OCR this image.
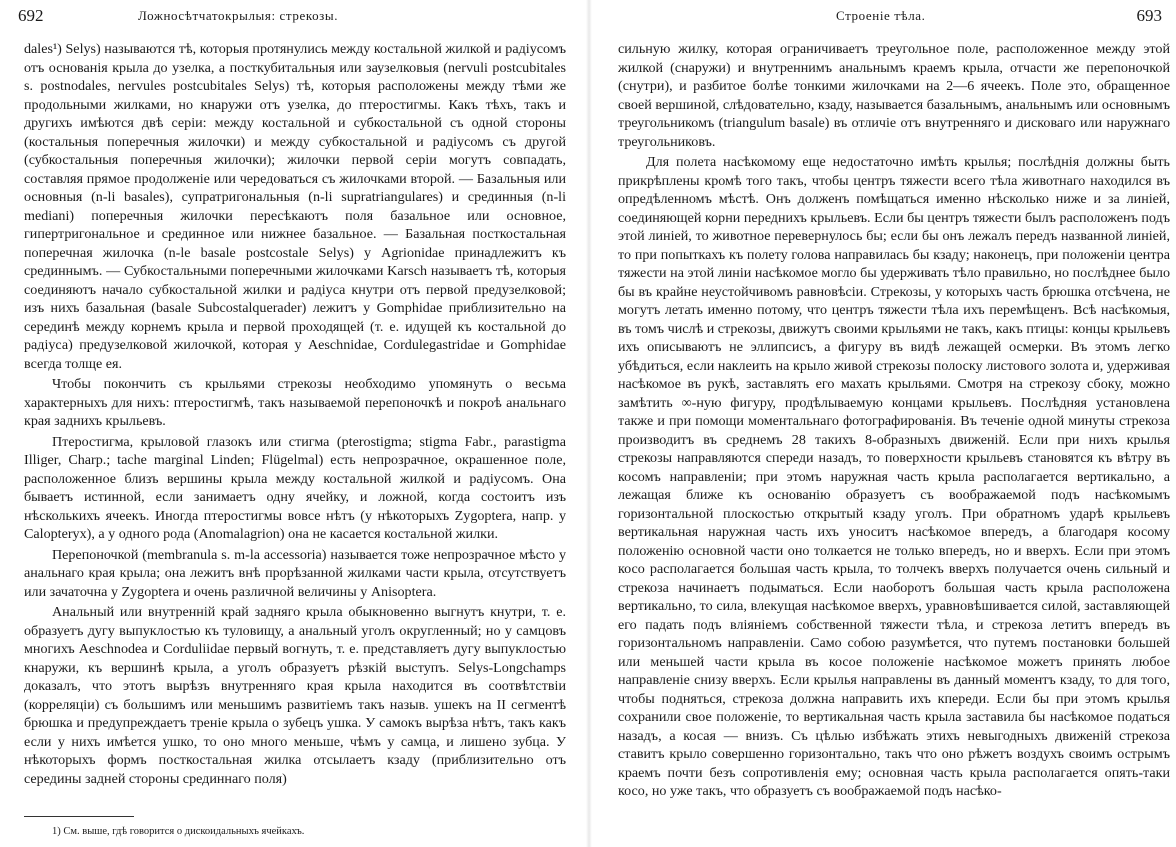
692	Ложносѣтчатокрылыя: стрекозы.

dales¹) Selys) называются тѣ, которыя протянулись между костальной жилкой и радіусомъ отъ основанія крыла до узелка, а посткубитальныя или заузелковыя (nervuli postcubitales s. postnodales, nervules postcubitales Selys) тѣ, которыя расположены между тѣми же продольными жилками, но кнаружи отъ узелка, до птеростигмы. Какъ тѣхъ, такъ и другихъ имѣются двѣ серіи: между костальной и субкостальной съ одной стороны (костальныя поперечныя жилочки) и между субкостальной и радіусомъ съ другой (субкостальныя поперечныя жилочки); жилочки первой серіи могутъ совпадать, составляя прямое продолженіе или чередоваться съ жилочками второй. — Базальныя или основныя (n-li basales), супратригональныя (n-li supratriangulares) и срединныя (n-li mediani) поперечныя жилочки пересѣкаютъ поля базальное или основное, гипертригональное и срединное или нижнее базальное. — Базальная посткостальная поперечная жилочка (n-le basale postcostale Selys) у Agrionidae принадлежитъ къ срединнымъ. — Субкостальными поперечными жилочками Karsch называетъ тѣ, которыя соединяютъ начало субкостальной жилки и радіуса кнутри отъ первой предузелковой; изъ нихъ базальная (basale Subcostalquerader) лежитъ у Gomphidae приблизительно на серединѣ между корнемъ крыла и первой проходящей (т. е. идущей къ костальной до радіуса) предузелковой жилочкой, которая у Aeschnidae, Cordulegastridae и Gomphidae всегда толще ея.

Чтобы покончить съ крыльями стрекозы необходимо упомянуть о весьма характерныхъ для нихъ: птеростигмѣ, такъ называемой перепоночкѣ и покроѣ анальнаго края заднихъ крыльевъ.

Птеростигма, крыловой глазокъ или стигма (pterostigma; stigma Fabr., parastigma Illiger, Charp.; tache marginal Linden; Flügelmal) есть непрозрачное, окрашенное поле, расположенное близъ вершины крыла между костальной жилкой и радіусомъ. Она бываетъ истинной, если занимаетъ одну ячейку, и ложной, когда состоитъ изъ нѣсколькихъ ячеекъ. Иногда птеростигмы вовсе нѣтъ (у нѣкоторыхъ Zygoptera, напр. у Calopteryx), а у одного рода (Anomalagrion) она не касается костальной жилки.

Перепоночкой (membranula s. m-la accessoria) называется тоже непрозрачное мѣсто у анальнаго края крыла; она лежитъ внѣ прорѣзанной жилками части крыла, отсутствуетъ или зачаточна у Zygoptera и очень различной величины у Anisoptera.

Анальный или внутренній край задняго крыла обыкновенно выгнутъ кнутри, т. е. образуетъ дугу выпуклостью къ туловищу, а анальный уголъ округленный; но у самцовъ многихъ Aeschnodea и Corduliidae первый вогнуть, т. е. представляетъ дугу выпуклостью кнаружи, къ вершинѣ крыла, а уголъ образуетъ рѣзкій выступъ. Selys-Longchamps доказалъ, что этотъ вырѣзъ внутренняго края крыла находится въ соотвѣтствіи (корреляціи) съ большимъ или меньшимъ развитіемъ такъ назыв. ушекъ на II сегментѣ брюшка и предупреждаетъ треніе крыла о зубецъ ушка. У самокъ вырѣза нѣтъ, такъ какъ если у нихъ имѣется ушко, то оно много меньше, чѣмъ у самца, и лишено зубца. У нѣкоторыхъ формъ посткостальная жилка отсылаетъ кзаду (приблизительно отъ середины задней стороны срединнаго поля)

1) См. выше, гдѣ говорится о дискоидальныхъ ячейкахъ.
Строеніе тѣла.	693

сильную жилку, которая ограничиваетъ треугольное поле, расположенное между этой жилкой (снаружи) и внутреннимъ анальнымъ краемъ крыла, отчасти же перепоночкой (снутри), и разбитое болѣе тонкими жилочками на 2—6 ячеекъ. Поле это, обращенное своей вершиной, слѣдовательно, кзаду, называется базальнымъ, анальнымъ или основнымъ треугольникомъ (triangulum basale) въ отличіе отъ внутренняго и дисковаго или наружнаго треугольниковъ.

Для полета насѣкомому еще недостаточно имѣть крылья; послѣднія должны быть прикрѣплены кромѣ того такъ, чтобы центръ тяжести всего тѣла животнаго находился въ опредѣленномъ мѣстѣ. Онъ долженъ помѣщаться именно нѣсколько ниже и за линіей, соединяющей корни переднихъ крыльевъ. Если бы центръ тяжести былъ расположенъ подъ этой линіей, то животное перевернулось бы; если бы онъ лежалъ передъ названной линіей, то при попыткахъ къ полету голова направилась бы кзаду; наконецъ, при положеніи центра тяжести на этой линіи насѣкомое могло бы удерживать тѣло правильно, но послѣднее было бы въ крайне неустойчивомъ равновѣсіи. Стрекозы, у которыхъ часть брюшка отсѣчена, не могутъ летать именно потому, что центръ тяжести тѣла ихъ перемѣщенъ. Всѣ насѣкомыя, въ томъ числѣ и стрекозы, движутъ своими крыльями не такъ, какъ птицы: концы крыльевъ ихъ описываютъ не эллипсисъ, а фигуру въ видѣ лежащей осмерки. Въ этомъ легко убѣдиться, если наклеить на крыло живой стрекозы полоску листового золота и, удерживая насѣкомое въ рукѣ, заставлять его махать крыльями. Смотря на стрекозу сбоку, можно замѣтить ∞-ную фигуру, продѣлываемую концами крыльевъ. Послѣдняя установлена также и при помощи моментальнаго фотографированія. Въ теченіе одной минуты стрекоза производитъ въ среднемъ 28 такихъ 8-образныхъ движеній. Если при нихъ крылья стрекозы направляются спереди назадъ, то поверхности крыльевъ становятся къ вѣтру въ косомъ направленіи; при этомъ наружная часть крыла располагается вертикально, а лежащая ближе къ основанію образуетъ съ воображаемой подъ насѣкомымъ горизонтальной плоскостью открытый кзаду уголъ. При обратномъ ударѣ крыльевъ вертикальная наружная часть ихъ уноситъ насѣкомое впередъ, а благодаря косому положенію основной части оно толкается не только впередъ, но и вверхъ. Если при этомъ косо располагается большая часть крыла, то толчекъ вверхъ получается очень сильный и стрекоза начинаетъ подыматься. Если наоборотъ большая часть крыла расположена вертикально, то сила, влекущая насѣкомое вверхъ, уравновѣшивается силой, заставляющей его падать подъ вліяніемъ собственной тяжести тѣла, и стрекоза летитъ впередъ въ горизонтальномъ направленіи. Само собою разумѣется, что путемъ постановки большей или меньшей части крыла въ косое положеніе насѣкомое можетъ принять любое направленіе снизу вверхъ. Если крылья направлены въ данный моментъ кзаду, то для того, чтобы подняться, стрекоза должна направить ихъ кпереди. Если бы при этомъ крылья сохранили свое положеніе, то вертикальная часть крыла заставила бы насѣкомое податься назадъ, а косая — внизъ. Съ цѣлью избѣжать этихъ невыгодныхъ движеній стрекоза ставитъ крыло совершенно горизонтально, такъ что оно рѣжетъ воздухъ своимъ острымъ краемъ почти безъ сопротивленія ему; основная часть крыла располагается опять-таки косо, но уже такъ, что образуетъ съ воображаемой подъ насѣко-
